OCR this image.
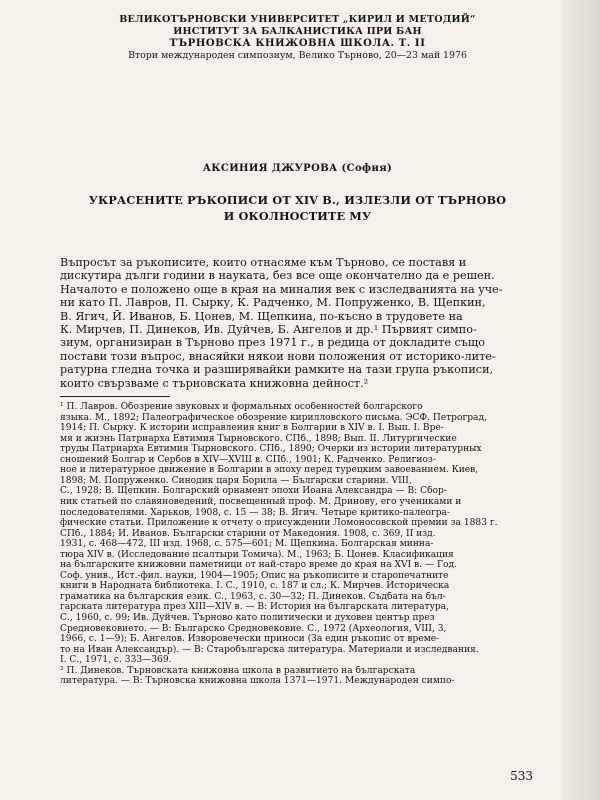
ВЕЛИКОТЪРНОВСКИ УНИВЕРСИТЕТ „КИРИЛ И МЕТОДИЙ“
ИНСТИТУТ ЗА БАЛКАНИСТИКА ПРИ БАН
ТЪРНОВСКА КНИЖОВНА ШКОЛА. Т. II
Втори международен симпозиум, Велико Търново, 20—23 май 1976
АКСИНИЯ ДЖУРОВА (София)
УКРАСЕНИТЕ РЪКОПИСИ ОТ XIV В., ИЗЛЕЗЛИ ОТ ТЪРНОВО
И ОКОЛНОСТИТЕ МУ
Въпросът за ръкописите, които отнасяме към Търново, се поставя и
дискутира дълги години в науката, без все още окончателно да е решен.
Началото е положено още в края на миналия век с изследванията на уче-
ни като П. Лавров, П. Сырку, К. Радченко, М. Попруженко, В. Щепкин,
В. Ягич, Й. Иванов, Б. Цонев, М. Щепкина, по-късно в трудовете на
К. Мирчев, П. Динеков, Ив. Дуйчев, Б. Ангелов и др.¹ Първият симпо-
зиум, организиран в Търново през 1971 г., в редица от докладите също
постави този въпрос, внасяйки някои нови положения от историко-лите-
ратурна гледна точка и разширявайки рамките на тази група ръкописи,
които свързваме с търновската книжовна дейност.²
¹ П. Лавров. Обозрение звуковых и формальных особенностей болгарского
языка. М., 1892; Палеографическое обозрение кирилловского письма. ЭСФ. Петроград,
1914; П. Сырку. К истории исправления книг в Болгарии в XIV в. I. Вып. I. Вре-
мя и жизнь Патриарха Евтимия Тырновского. СПб., 1898; Вып. II. Литургические
труды Патриарха Евтимия Тырновского. СПб., 1890; Очерки из истории литературных
сношений Болгар и Сербов в XIV—XVIII в. СПб., 1901; К. Радченко. Религиоз-
ное и литературное движение в Болгарии в эпоху перед турецким завоеванием. Киев,
1898; М. Попруженко. Синодик царя Борила — Български старини. VIII,
С., 1928; В. Щепкин. Болгарский орнамент эпохи Йоана Александра — В: Сбор-
ник статьей по славяноведений, посвещенный проф. М. Дринову, его учениками и
последователями. Харьков, 1908, с. 15 — 38; В. Ягич. Четыре критико-палеогра-
фические статьи. Приложение к отчету о присуждении Ломоносовской премии за 1883 г.
СПб., 1884; Й. Иванов. Български старини от Македония. 1908, с. 369, II изд.
1931, с. 468—472, III изд. 1968, с. 575—601; М. Щепкина. Болгарская минна-
тюра XIV в. (Исследование псалтыри Томича). М., 1963; Б. Цонев. Класификация
на българските книжовни паметници от най-старо време до края на XVI в. — Год.
Соф. унив., Ист.-фил. науки, 1904—1905; Опис на ръкописите и старопечатните
книги в Народната библиотека. I. С., 1910, с. 187 и сл.; К. Мирчев. Историческа
граматика на българския език. С., 1963, с. 30—32; П. Динеков. Съдбата на бъл-
гарската литература през XIII—XIV в. — В: История на българската литература,
С., 1960, с. 99; Ив. Дуйчев. Търново като политически и духовен център през
Средновековието. — В: Българско Средновековие. С., 1972 (Археология, VIII, 3,
1966, с. 1—9); Б. Ангелов. Изворовечески приноси (За един ръкопис от време-
то на Иван Александър). — В: Старобългарска литература. Материали и изследвания.
I. С., 1971, с. 333—369.
² П. Динеков. Търновската книжовна школа в развитието на българската
литература. — В: Търновска книжовна школа 1371—1971. Международен симпо-
533
